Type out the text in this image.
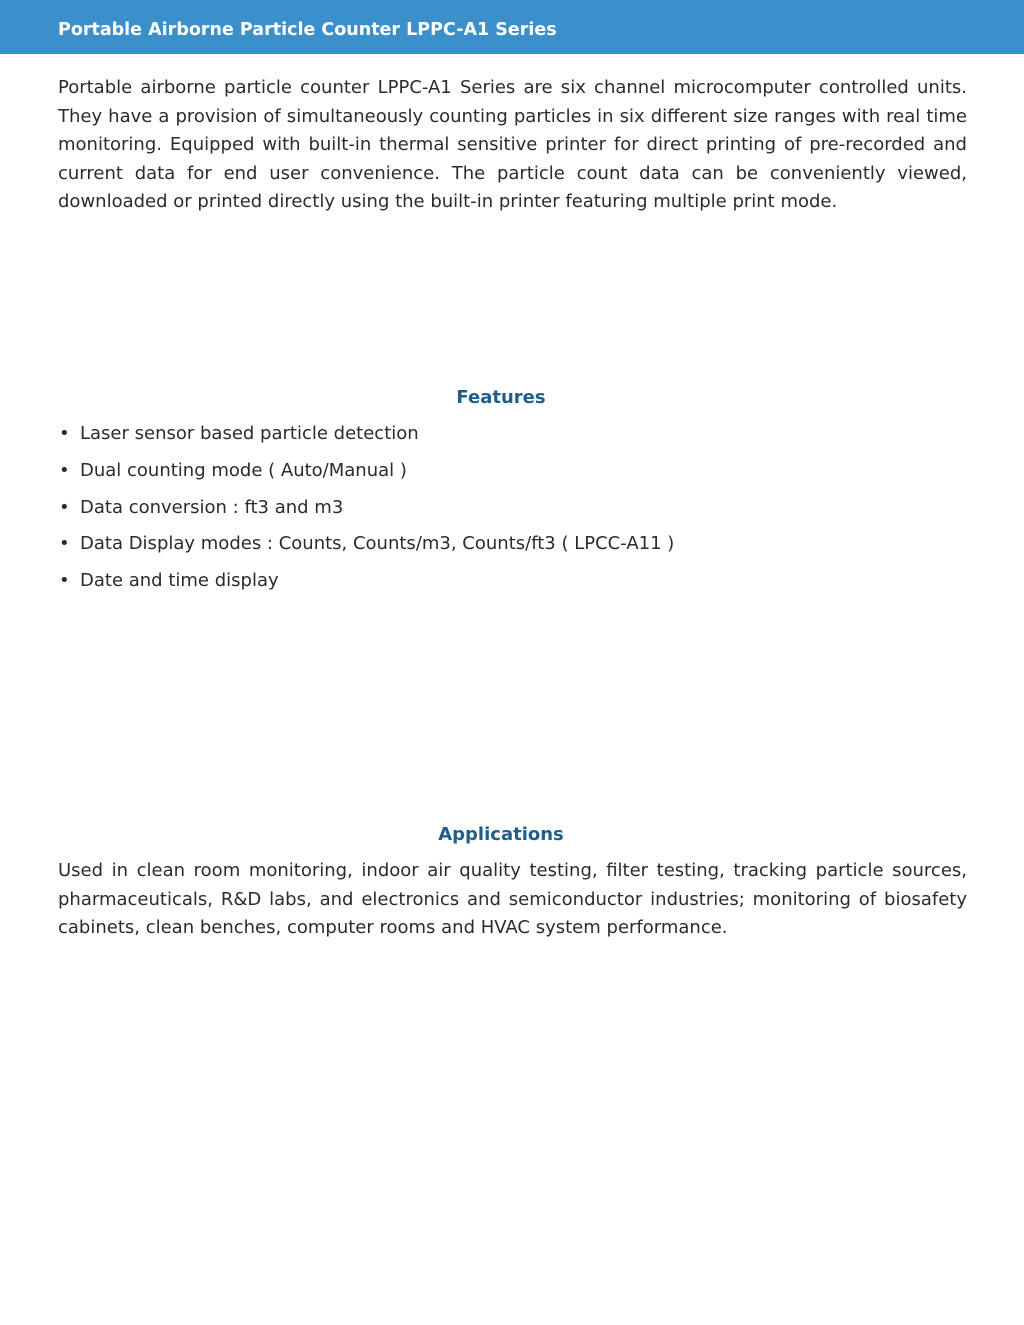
Portable Airborne Particle Counter LPPC-A1 Series

Portable airborne particle counter LPPC-A1 Series are six channel microcomputer controlled units. They have a provision of simultaneously counting particles in six different size ranges with real time monitoring. Equipped with built-in thermal sensitive printer for direct printing of pre-recorded and current data for end user convenience. The particle count data can be conveniently viewed, downloaded or printed directly using the built-in printer featuring multiple print mode.

Features
• Laser sensor based particle detection
• Dual counting mode ( Auto/Manual )
• Data conversion : ft3 and m3
• Data Display modes : Counts, Counts/m3, Counts/ft3 ( LPCC-A11 )
• Date and time display
Applications

Used in clean room monitoring, indoor air quality testing, filter testing, tracking particle sources, pharmaceuticals, R&D labs, and electronics and semiconductor industries; monitoring of biosafety cabinets, clean benches, computer rooms and HVAC system performance.
